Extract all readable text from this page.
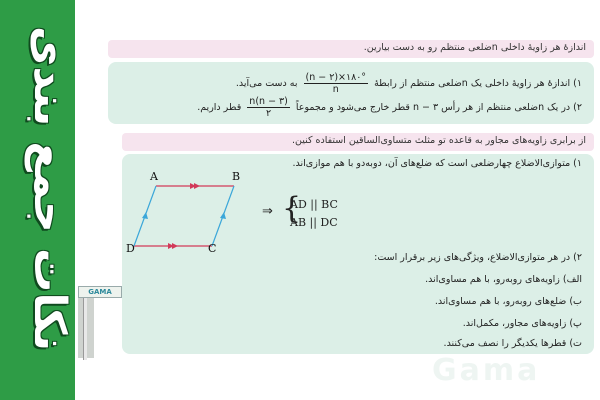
نکات جمع بندی	GAMA
اندازهٔ هر زاویهٔ داخلی nضلعی منتظم رو به دست بیارین.
۱) اندازهٔ هر زاویهٔ داخلی یک nضلعی منتظم از رابطهٔ
$\frac{(n - ۲)\times ۱۸۰^\circ}{n}$
به دست می‌آید.
۲) در یک nضلعی منتظم از هر رأس n − ۳ قطر خارج می‌شود و مجموعاً
$\frac{n(n - ۳)}{۲}$
قطر داریم.
از برابری زاویه‌های مجاور به قاعده تو مثلث متساوی‌الساقین استفاده کنین.
۱) متوازی‌الاضلاع چهارضلعی است که ضلع‌های آن، دوبه‌دو با هم موازی‌اند.
A	B
D	C
⇒ {
AD || BC
AB || DC
۲) در هر متوازی‌الاضلاع، ویژگی‌های زیر برقرار است:
الف) زاویه‌های روبه‌رو، با هم مساوی‌اند.
ب) ضلع‌های روبه‌رو، با هم مساوی‌اند.
پ) زاویه‌های مجاور، مکمل‌اند.
ت) قطرها یکدیگر را نصف می‌کنند.
Gama
